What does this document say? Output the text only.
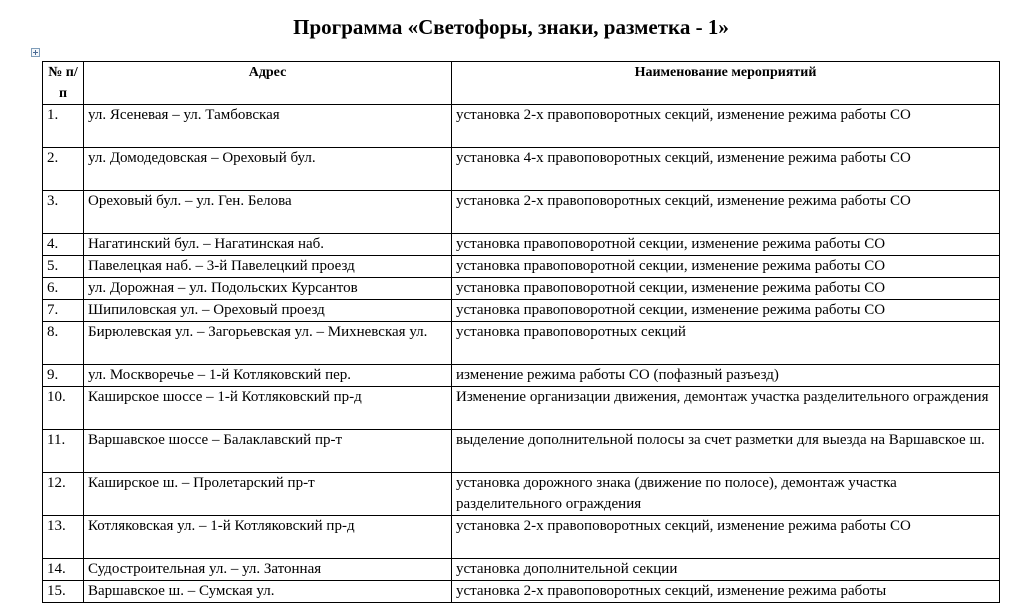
Программа «Светофоры, знаки, разметка - 1»
№ п/п	Адрес	Наименование мероприятий
1.	ул. Ясеневая – ул. Тамбовская	установка 2-х правоповоротных секций, изменение режима работы СО
2.	ул. Домодедовская – Ореховый бул.	установка 4-х правоповоротных секций, изменение режима работы СО
3.	Ореховый бул. – ул. Ген. Белова	установка 2-х правоповоротных секций, изменение режима работы СО
4.	Нагатинский бул. – Нагатинская наб.	установка правоповоротной секции, изменение режима работы СО
5.	Павелецкая наб. – 3-й Павелецкий проезд	установка правоповоротной секции, изменение режима работы СО
6.	ул. Дорожная – ул. Подольских Курсантов	установка правоповоротной секции, изменение режима работы СО
7.	Шипиловская ул. – Ореховый проезд	установка правоповоротной секции, изменение режима работы СО
8.	Бирюлевская ул. – Загорьевская ул. – Михневская ул.	установка правоповоротных секций
9.	ул. Москворечье – 1-й Котляковский пер.	изменение режима работы СО (пофазный разъезд)
10.	Каширское шоссе – 1-й Котляковский пр-д	Изменение организации движения, демонтаж участка разделительного ограждения
11.	Варшавское шоссе – Балаклавский пр-т	выделение дополнительной полосы за счет разметки для выезда на Варшавское ш.
12.	Каширское ш. – Пролетарский пр-т	установка дорожного знака (движение по полосе), демонтаж участка разделительного ограждения
13.	Котляковская ул. – 1-й Котляковский пр-д	установка 2-х правоповоротных секций, изменение режима работы СО
14.	Судостроительная ул. – ул. Затонная	установка дополнительной секции
15.	Варшавское ш. – Сумская ул.	установка 2-х правоповоротных секций, изменение режима работы
